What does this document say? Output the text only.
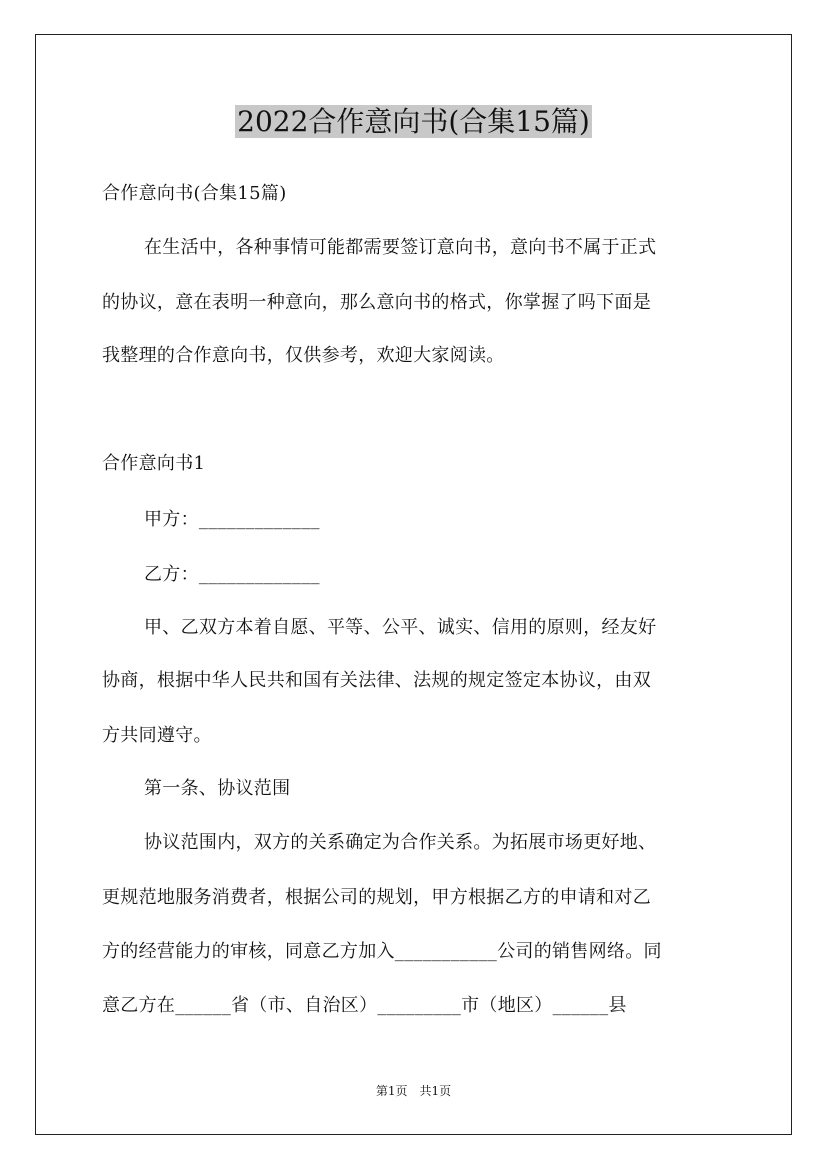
2022合作意向书(合集15篇)
合作意向书(合集15篇)
在生活中，各种事情可能都需要签订意向书，意向书不属于正式
的协议，意在表明一种意向，那么意向书的格式，你掌握了吗下面是
我整理的合作意向书，仅供参考，欢迎大家阅读。
合作意向书1
甲方：_____________
乙方：_____________
甲、乙双方本着自愿、平等、公平、诚实、信用的原则，经友好
协商，根据中华人民共和国有关法律、法规的规定签定本协议，由双
方共同遵守。
第一条、协议范围
协议范围内，双方的关系确定为合作关系。为拓展市场更好地、
更规范地服务消费者，根据公司的规划，甲方根据乙方的申请和对乙
方的经营能力的审核，同意乙方加入___________公司的销售网络。同
意乙方在______省（市、自治区）_________市（地区）______县
第1页　共1页
